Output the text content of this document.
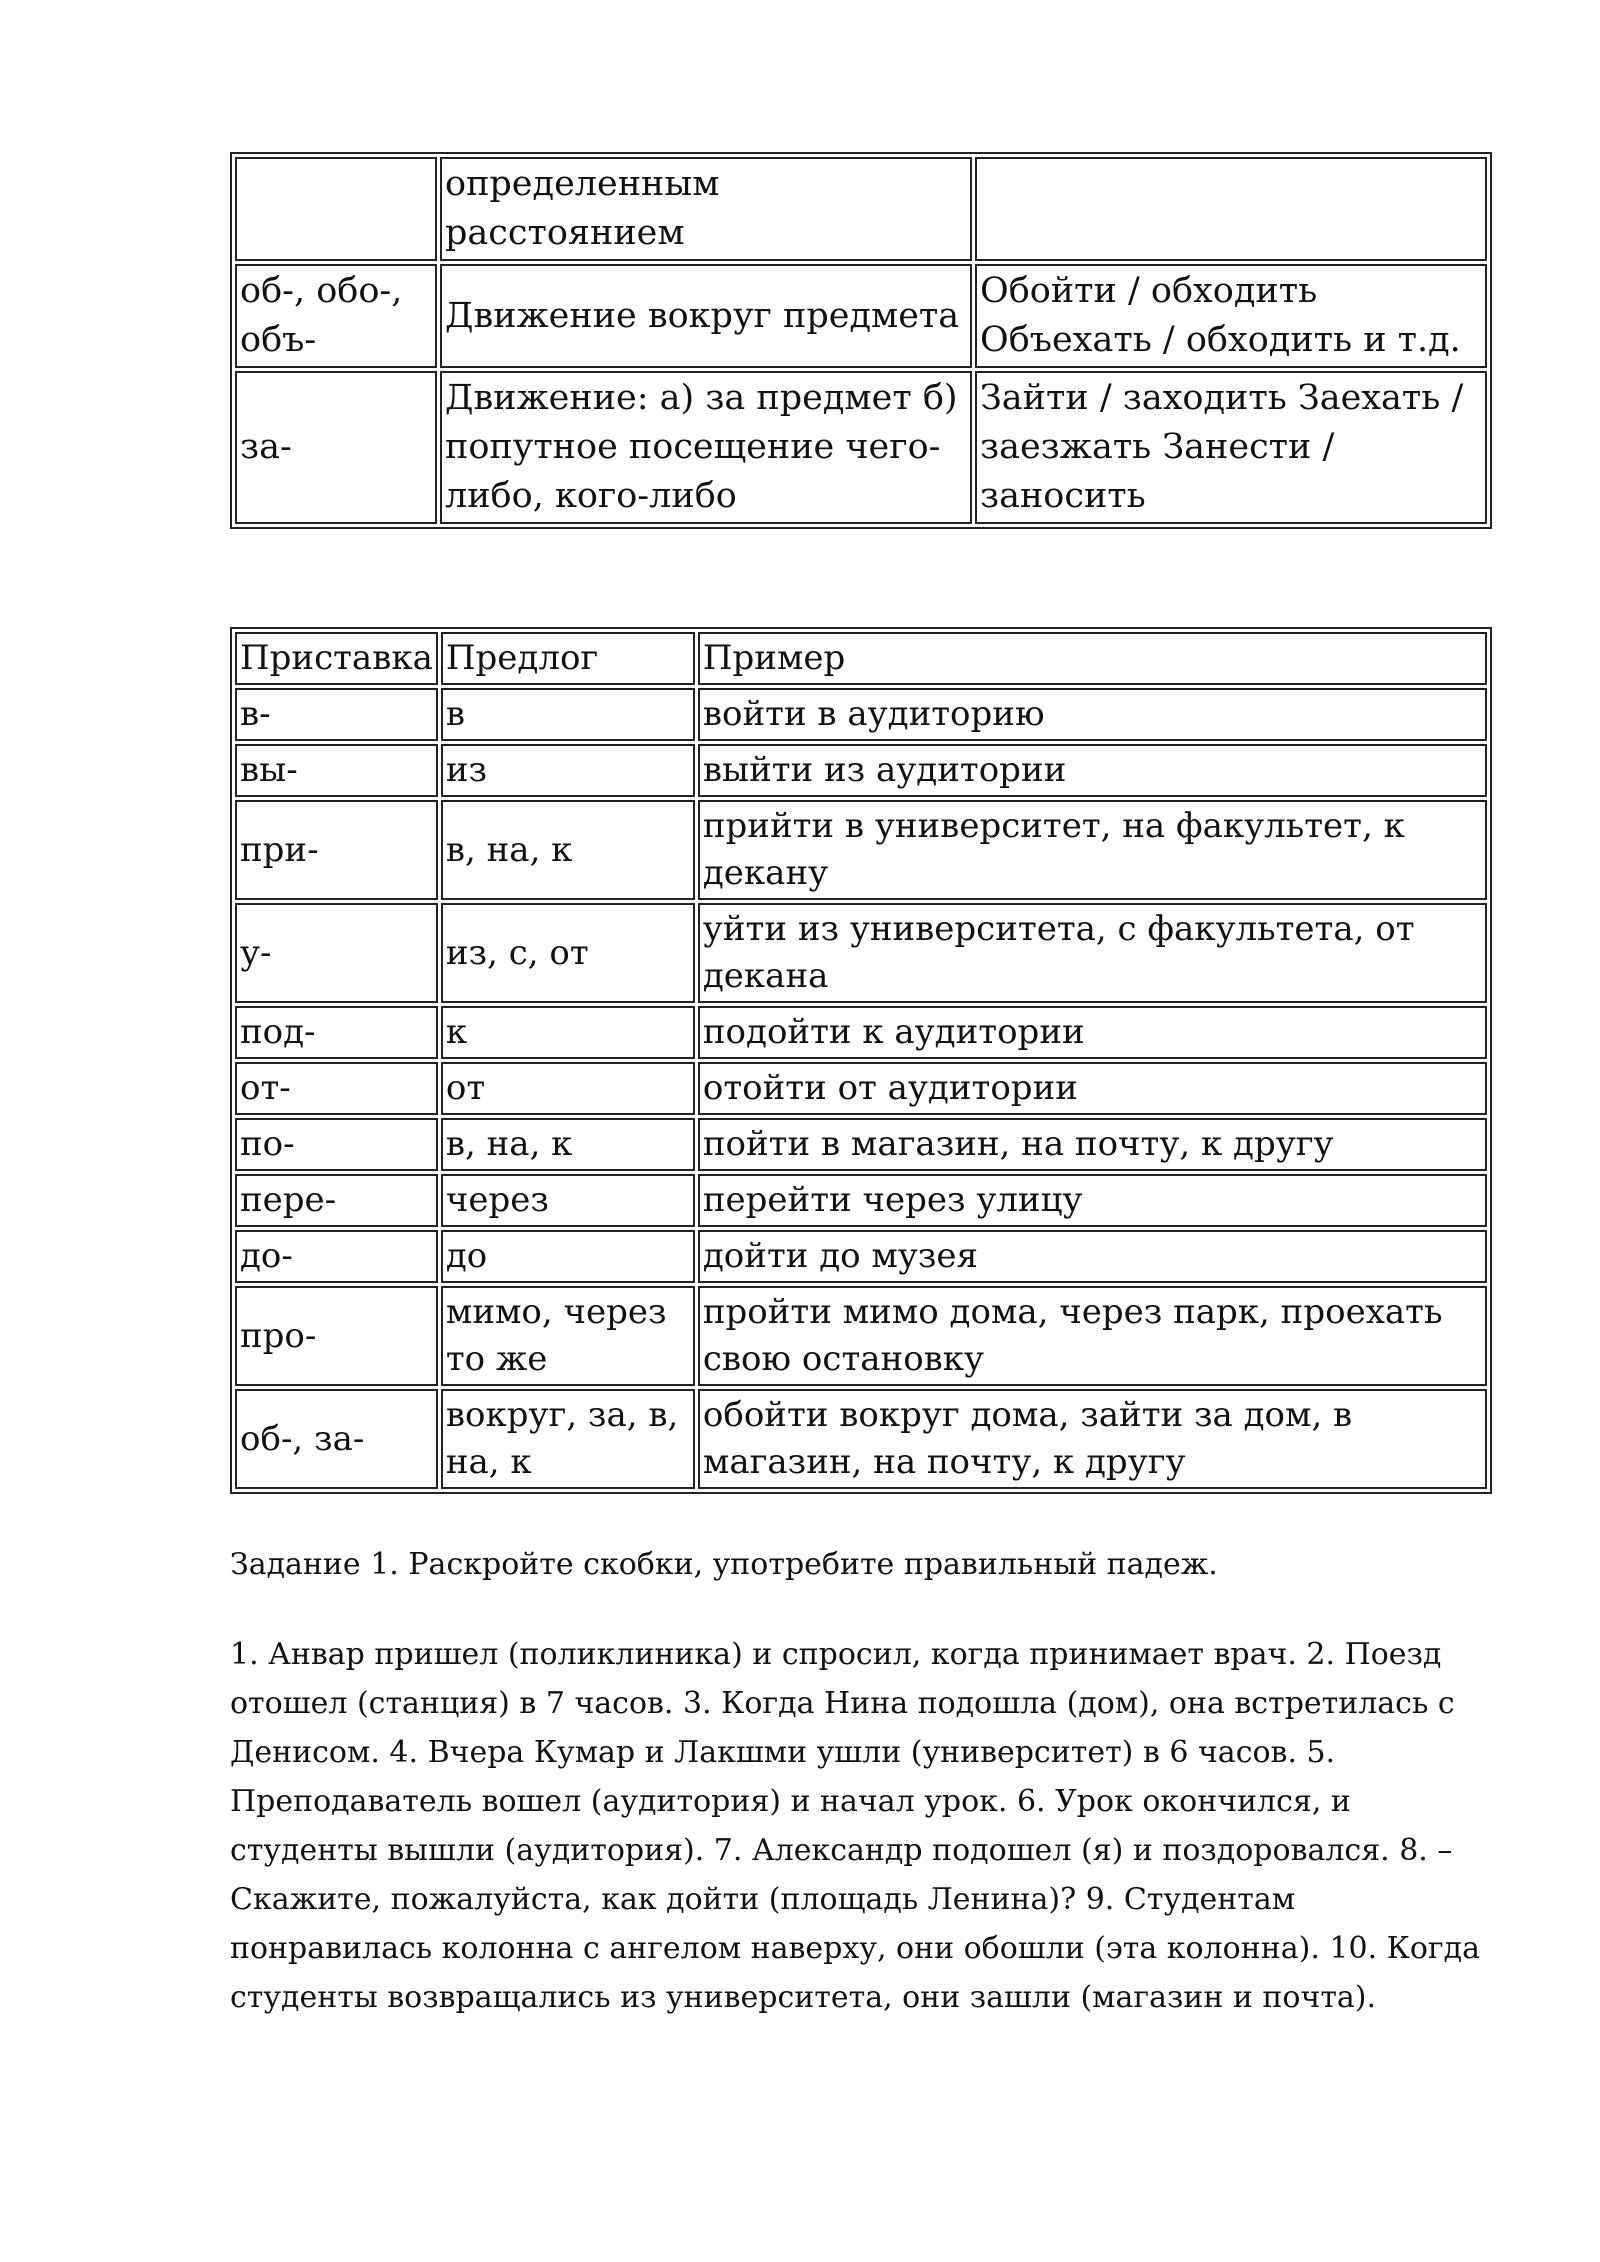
	определенным расстоянием	
об-, обо-, объ-	Движение вокруг предмета	Обойти / обходить Объехать / обходить и т.д.
за-	Движение: а) за предмет б) попутное посещение чего-либо, кого-либо	Зайти / заходить Заехать / заезжать Занести / заносить
Приставка	Предлог	Пример
в-	в	войти в аудиторию
вы-	из	выйти из аудитории
при-	в, на, к	прийти в университет, на факультет, к декану
у-	из, с, от	уйти из университета, с факультета, от декана
под-	к	подойти к аудитории
от-	от	отойти от аудитории
по-	в, на, к	пойти в магазин, на почту, к другу
пере-	через	перейти через улицу
до-	до	дойти до музея
про-	мимо, через то же	пройти мимо дома, через парк, проехать свою остановку
об-, за-	вокруг, за, в, на, к	обойти вокруг дома, зайти за дом, в магазин, на почту, к другу

Задание 1. Раскройте скобки, употребите правильный падеж.

1. Анвар пришел (поликлиника) и спросил, когда принимает врач. 2. Поезд отошел (станция) в 7 часов. 3. Когда Нина подошла (дом), она встретилась с Денисом. 4. Вчера Кумар и Лакшми ушли (университет) в 6 часов. 5. Преподаватель вошел (аудитория) и начал урок. 6. Урок окончился, и студенты вышли (аудитория). 7. Александр подошел (я) и поздоровался. 8. – Скажите, пожалуйста, как дойти (площадь Ленина)? 9. Студентам понравилась колонна с ангелом наверху, они обошли (эта колонна). 10. Когда студенты возвращались из университета, они зашли (магазин и почта).
